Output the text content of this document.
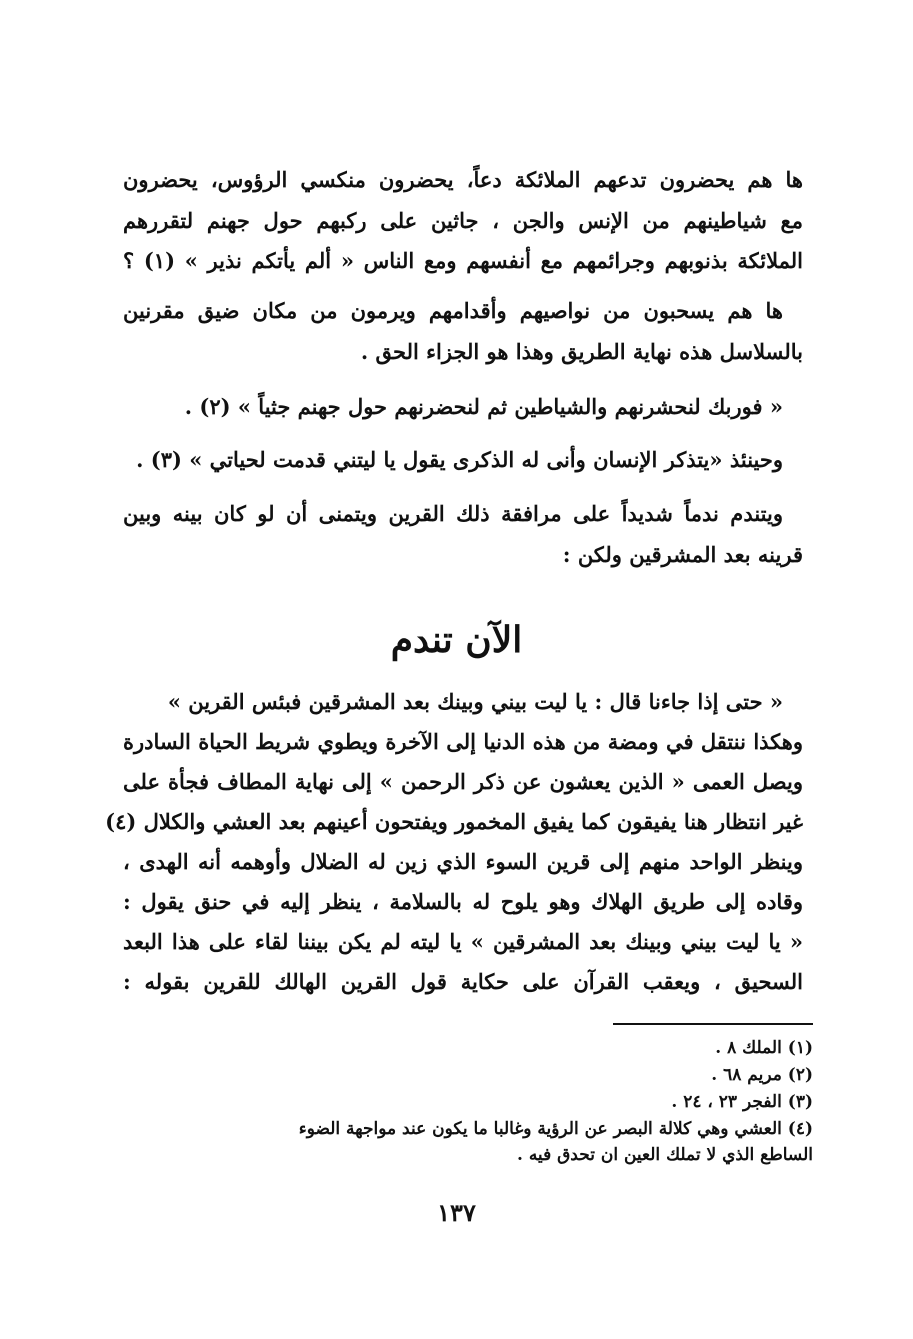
ها هم يحضرون تدعهم الملائكة دعاً، يحضرون منكسي الرؤوس، يحضرون
مع شياطينهم من الإنس والجن ، جاثين على ركبهم حول جهنم لتقررهم
الملائكة بذنوبهم وجرائمهم مع أنفسهم ومع الناس « ألم يأتكم نذير » (١) ؟
ها هم يسحبون من نواصيهم وأقدامهم ويرمون من مكان ضيق مقرنين
بالسلاسل هذه نهاية الطريق وهذا هو الجزاء الحق .
« فوربك لنحشرنهم والشياطين ثم لنحضرنهم حول جهنم جثياً » (٢) .
وحينئذ «يتذكر الإنسان وأنى له الذكرى يقول يا ليتني قدمت لحياتي » (٣) .
ويتندم ندماً شديداً على مرافقة ذلك القرين ويتمنى أن لو كان بينه وبين
قرينه بعد المشرقين ولكن :
الآن تندم
« حتى إذا جاءنا قال : يا ليت بيني وبينك بعد المشرقين فبئس القرين »
وهكذا ننتقل في ومضة من هذه الدنيا إلى الآخرة ويطوي شريط الحياة السادرة
ويصل العمى « الذين يعشون عن ذكر الرحمن » إلى نهاية المطاف فجأة على
غير انتظار هنا يفيقون كما يفيق المخمور ويفتحون أعينهم بعد العشي والكلال (٤)
وينظر الواحد منهم إلى قرين السوء الذي زين له الضلال وأوهمه أنه الهدى ،
وقاده إلى طريق الهلاك وهو يلوح له بالسلامة ، ينظر إليه في حنق يقول :
« يا ليت بيني وبينك بعد المشرقين » يا ليته لم يكن بيننا لقاء على هذا البعد
السحيق ، ويعقب القرآن على حكاية قول القرين الهالك للقرين بقوله :
(١) الملك ٨ .
(٢) مريم ٦٨ .
(٣) الفجر ٢٣ ، ٢٤ .
(٤) العشي وهي كلالة البصر عن الرؤية وغالبا ما يكون عند مواجهة الضوء
الساطع الذي لا تملك العين ان تحدق فيه .
١٣٧
